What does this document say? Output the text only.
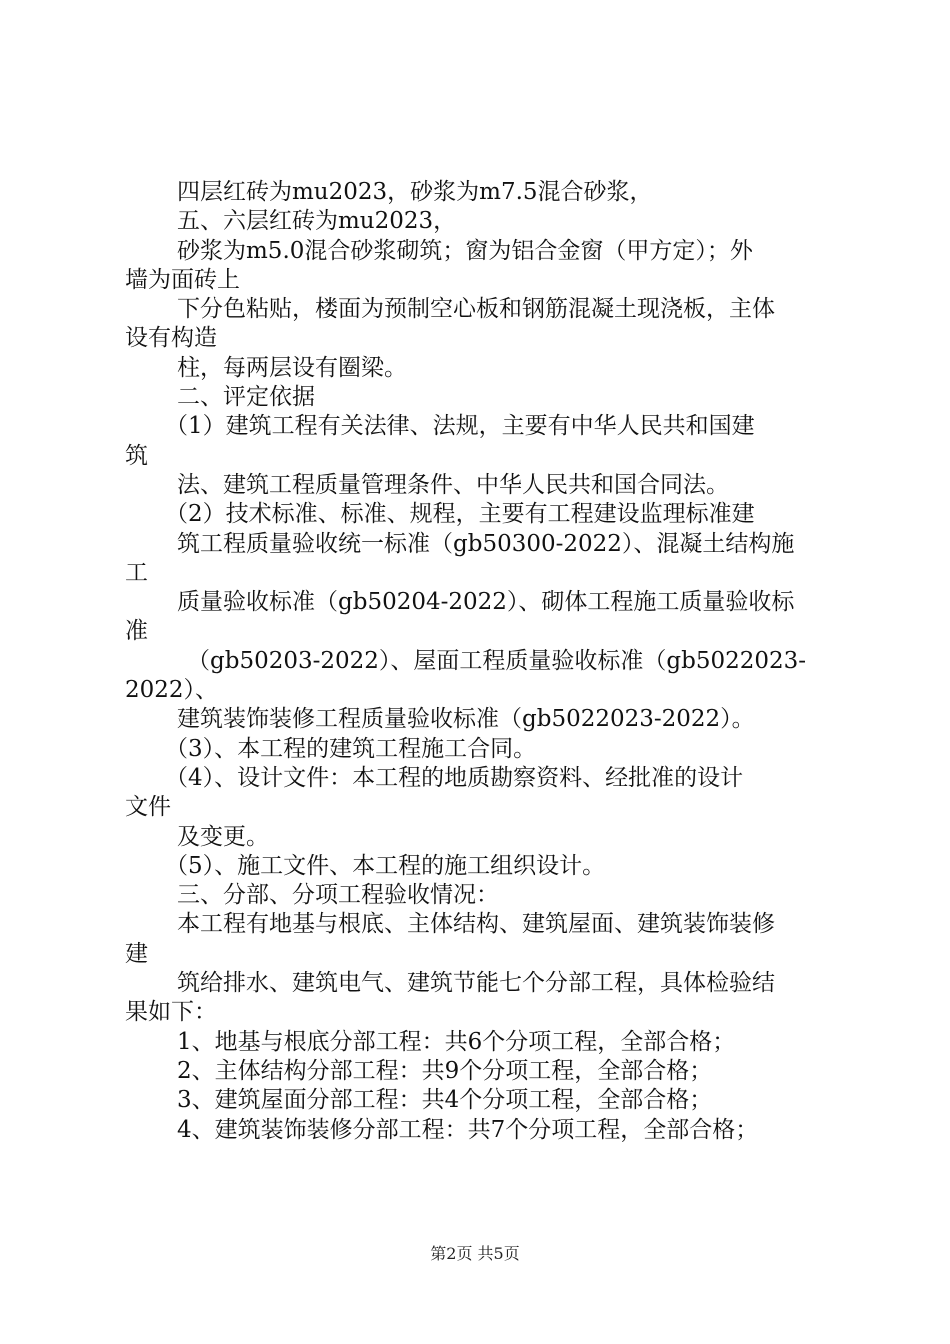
四层红砖为mu2023，砂浆为m7.5混合砂浆，
五、六层红砖为mu2023，
砂浆为m5.0混合砂浆砌筑；窗为铝合金窗（甲方定）；外
墙为面砖上
下分色粘贴，楼面为预制空心板和钢筋混凝土现浇板，主体
设有构造
柱，每两层设有圈梁。
二、评定依据
（1）建筑工程有关法律、法规，主要有中华人民共和国建
筑
法、建筑工程质量管理条件、中华人民共和国合同法。
（2）技术标准、标准、规程，主要有工程建设监理标准建
筑工程质量验收统一标准（gb50300-2022）、混凝土结构施
工
质量验收标准（gb50204-2022）、砌体工程施工质量验收标
准
（gb50203-2022）、屋面工程质量验收标准（gb5022023-
2022）、
建筑装饰装修工程质量验收标准（gb5022023-2022）。
（3）、本工程的建筑工程施工合同。
（4）、设计文件：本工程的地质勘察资料、经批准的设计
文件
及变更。
（5）、施工文件、本工程的施工组织设计。
三、分部、分项工程验收情况：
本工程有地基与根底、主体结构、建筑屋面、建筑装饰装修
建
筑给排水、建筑电气、建筑节能七个分部工程，具体检验结
果如下：
1、地基与根底分部工程：共6个分项工程，全部合格；
2、主体结构分部工程：共9个分项工程，全部合格；
3、建筑屋面分部工程：共4个分项工程，全部合格；
4、建筑装饰装修分部工程：共7个分项工程，全部合格；
第2页 共5页
